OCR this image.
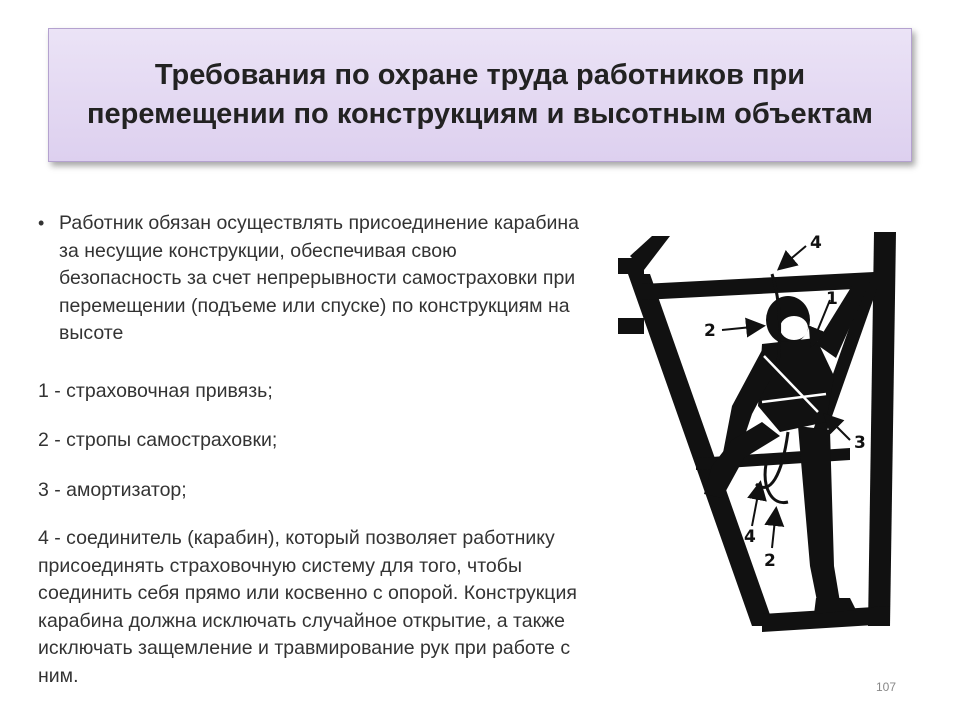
Требования по охране труда работников при перемещении по конструкциям и высотным объектам
• Работник обязан осуществлять присоединение карабина за несущие конструкции, обеспечивая свою безопасность за счет непрерывности самостраховки при перемещении (подъеме или спуске) по конструкциям на высоте

1 - страховочная привязь;

2 - стропы самостраховки;

3 - амортизатор;

4 - соединитель (карабин), который позволяет работнику присоединять страховочную систему для того, чтобы соединить себя прямо или косвенно с опорой. Конструкция карабина должна исключать случайное открытие, а также исключать защемление и травмирование рук при работе с ним.

4
1
2
3
4
2
107
